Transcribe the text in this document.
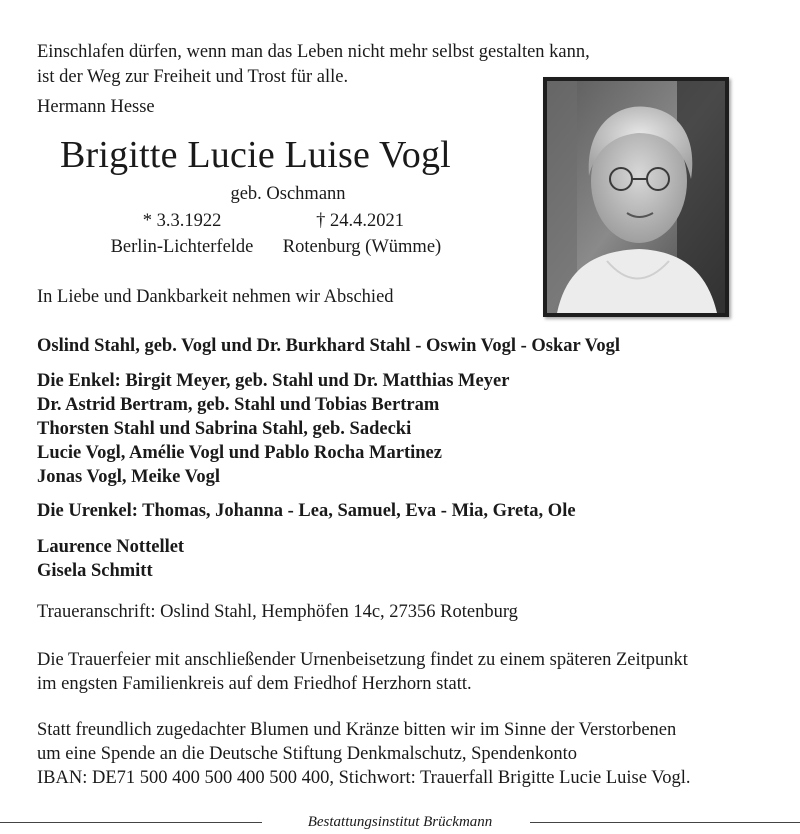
Einschlafen dürfen, wenn man das Leben nicht mehr selbst gestalten kann,
ist der Weg zur Freiheit und Trost für alle.
Hermann Hesse
Brigitte Lucie Luise Vogl
geb. Oschmann
* 3.3.1922	† 24.4.2021
Berlin-Lichterfelde	Rotenburg (Wümme)
In Liebe und Dankbarkeit nehmen wir Abschied
Oslind Stahl, geb. Vogl und Dr. Burkhard Stahl - Oswin Vogl - Oskar Vogl
Die Enkel: Birgit Meyer, geb. Stahl und Dr. Matthias Meyer
Dr. Astrid Bertram, geb. Stahl und Tobias Bertram
Thorsten Stahl und Sabrina Stahl, geb. Sadecki
Lucie Vogl, Amélie Vogl und Pablo Rocha Martinez
Jonas Vogl, Meike Vogl
Die Urenkel: Thomas, Johanna - Lea, Samuel, Eva - Mia, Greta, Ole
Laurence Nottellet
Gisela Schmitt
Traueranschrift: Oslind Stahl, Hemphöfen 14c, 27356 Rotenburg
Die Trauerfeier mit anschließender Urnenbeisetzung findet zu einem späteren Zeitpunkt
im engsten Familienkreis auf dem Friedhof Herzhorn statt.
Statt freundlich zugedachter Blumen und Kränze bitten wir im Sinne der Verstorbenen
um eine Spende an die Deutsche Stiftung Denkmalschutz, Spendenkonto
IBAN: DE71 500 400 500 400 500 400, Stichwort: Trauerfall Brigitte Lucie Luise Vogl.
Bestattungsinstitut Brückmann
